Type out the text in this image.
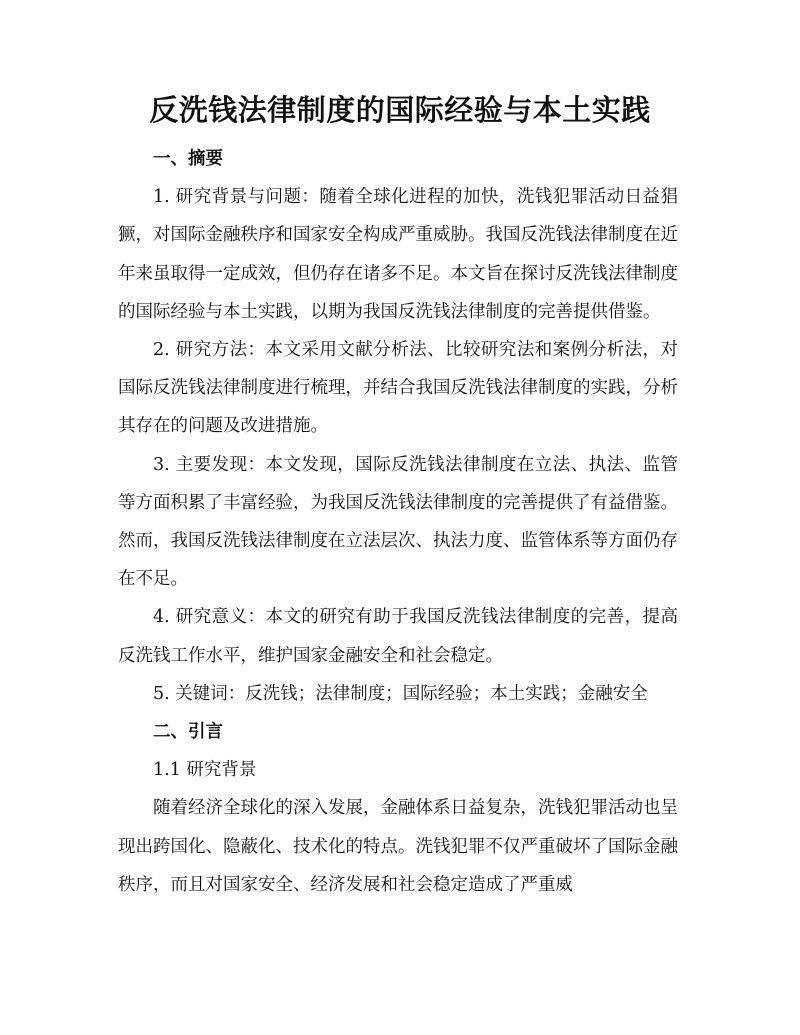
反洗钱法律制度的国际经验与本土实践

一、摘要

1. 研究背景与问题：随着全球化进程的加快，洗钱犯罪活动日益猖獗，对国际金融秩序和国家安全构成严重威胁。我国反洗钱法律制度在近年来虽取得一定成效，但仍存在诸多不足。本文旨在探讨反洗钱法律制度的国际经验与本土实践，以期为我国反洗钱法律制度的完善提供借鉴。

2. 研究方法：本文采用文献分析法、比较研究法和案例分析法，对国际反洗钱法律制度进行梳理，并结合我国反洗钱法律制度的实践，分析其存在的问题及改进措施。

3. 主要发现：本文发现，国际反洗钱法律制度在立法、执法、监管等方面积累了丰富经验，为我国反洗钱法律制度的完善提供了有益借鉴。然而，我国反洗钱法律制度在立法层次、执法力度、监管体系等方面仍存在不足。

4. 研究意义：本文的研究有助于我国反洗钱法律制度的完善，提高反洗钱工作水平，维护国家金融安全和社会稳定。

5. 关键词：反洗钱；法律制度；国际经验；本土实践；金融安全

二、引言

1.1 研究背景

随着经济全球化的深入发展，金融体系日益复杂，洗钱犯罪活动也呈现出跨国化、隐蔽化、技术化的特点。洗钱犯罪不仅严重破坏了国际金融秩序，而且对国家安全、经济发展和社会稳定造成了严重威
